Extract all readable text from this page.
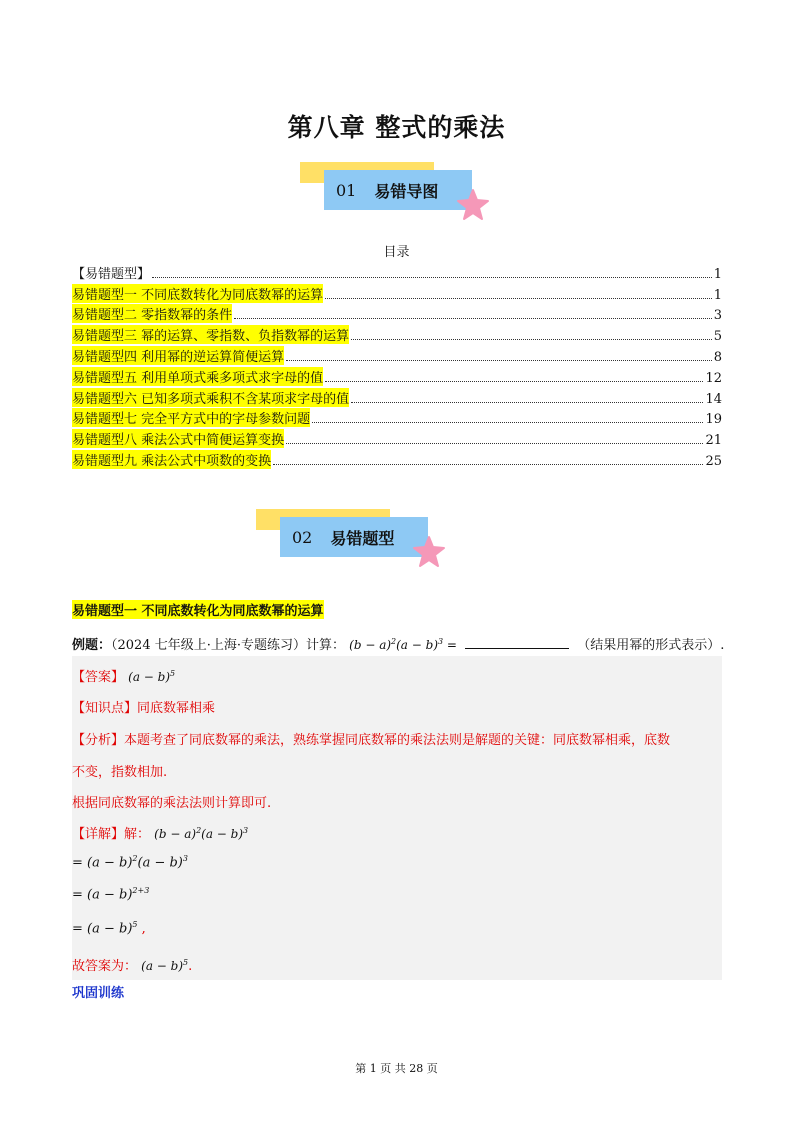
第八章 整式的乘法
01 易错导图
目录
【易错题型】	1
易错题型一 不同底数转化为同底数幂的运算	1
易错题型二 零指数幂的条件	3
易错题型三 幂的运算、零指数、负指数幂的运算	5
易错题型四 利用幂的逆运算简便运算	8
易错题型五 利用单项式乘多项式求字母的值	12
易错题型六 已知多项式乘积不含某项求字母的值	14
易错题型七 完全平方式中的字母参数问题	19
易错题型八 乘法公式中简便运算变换	21
易错题型九 乘法公式中项数的变换	25
02 易错题型
易错题型一 不同底数转化为同底数幂的运算
例题：（2024 七年级上·上海·专题练习）计算： $(b - a)^2(a - b)^3$ =	（结果用幂的形式表示）.
【答案】 $(a - b)^5$
【知识点】同底数幂相乘
【分析】本题考查了同底数幂的乘法，熟练掌握同底数幂的乘法法则是解题的关键：同底数幂相乘，底数
不变，指数相加.
根据同底数幂的乘法法则计算即可.
【详解】解： $(b - a)^2(a - b)^3$
= $(a - b)^2(a - b)^3$
= $(a - b)^{2+3}$
= $(a - b)^5$ ,
故答案为： $(a - b)^5$.
巩固训练
第 1 页 共 28 页
